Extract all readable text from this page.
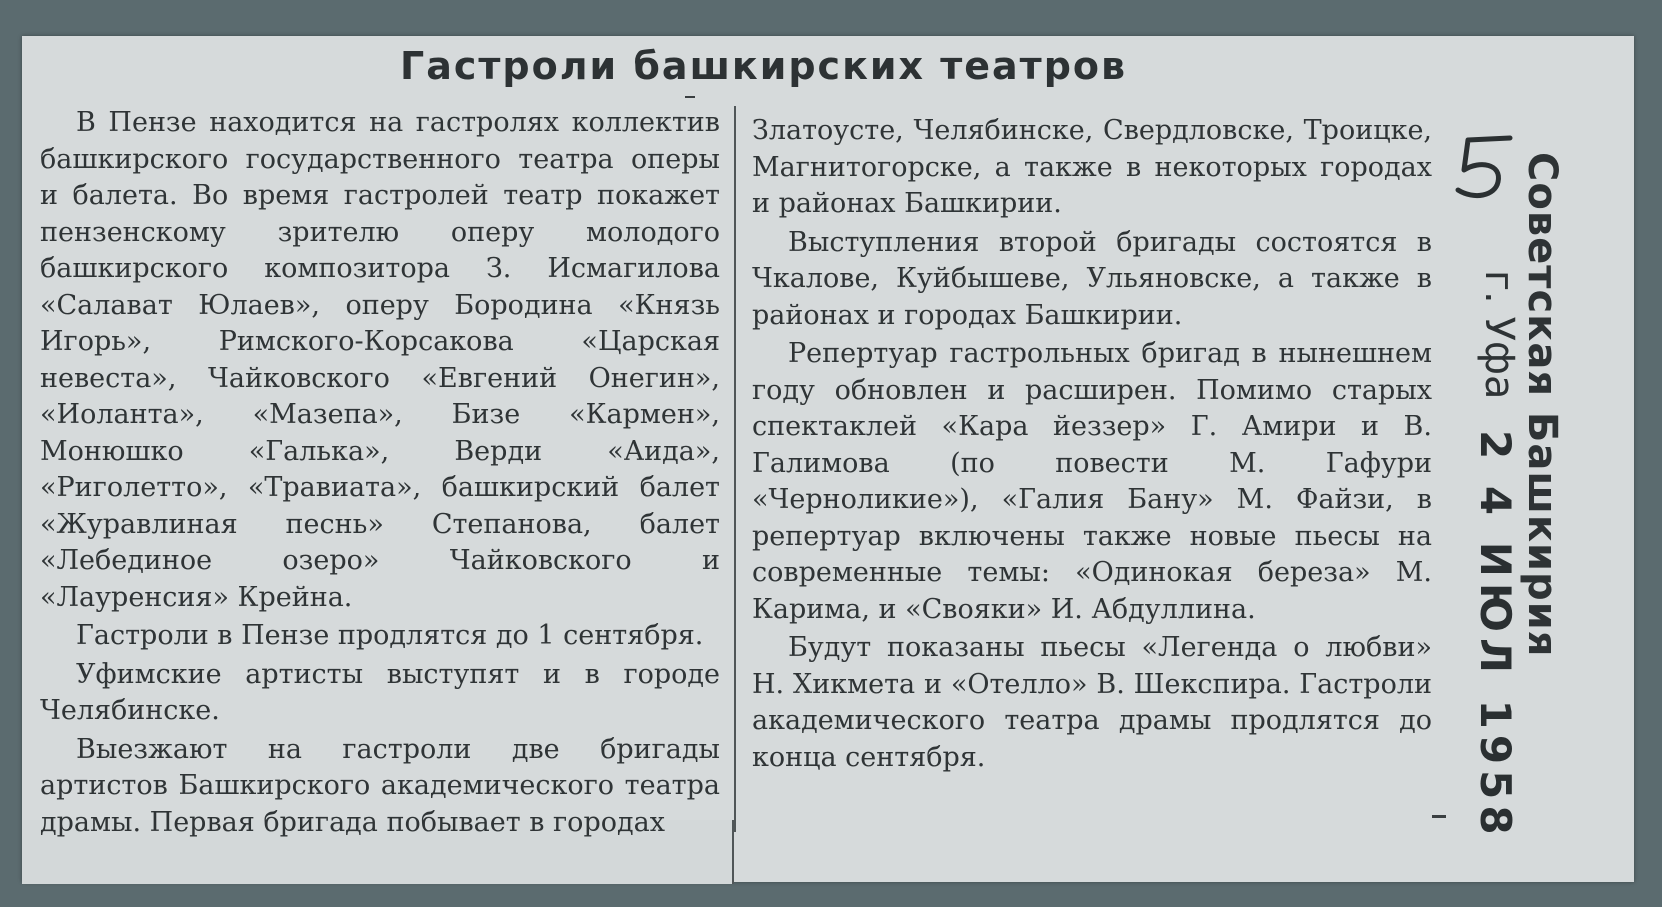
Гастроли башкирских театров

В Пензе находится на гастролях коллектив башкирского государственного театра оперы и балета. Во время гастролей театр покажет пензенскому зрителю оперу молодого башкирского композитора З. Исмагилова «Салават Юлаев», оперу Бородина «Князь Игорь», Римского-Корсакова «Царская невеста», Чайковского «Евгений Онегин», «Иоланта», «Мазепа», Бизе «Кармен», Монюшко «Галька», Верди «Аида», «Риголетто», «Травиата», башкирский балет «Журавлиная песнь» Степанова, балет «Лебединое озеро» Чайковского и «Лауренсия» Крейна.

Гастроли в Пензе продлятся до 1 сентября.

Уфимские артисты выступят и в городе Челябинске.

Выезжают на гастроли две бригады артистов Башкирского академического театра драмы. Первая бригада побывает в городах

Златоусте, Челябинске, Свердловске, Троицке, Магнитогорске, а также в некоторых городах и районах Башкирии.

Выступления второй бригады состоятся в Чкалове, Куйбышеве, Ульяновске, а также в районах и городах Башкирии.

Репертуар гастрольных бригад в нынешнем году обновлен и расширен. Помимо старых спектаклей «Кара йеззер» Г. Амири и В. Галимова (по повести М. Гафури «Черноликие»), «Галия Бану» М. Файзи, в репертуар включены также новые пьесы на современные темы: «Одинокая береза» М. Карима, и «Свояки» И. Абдуллина.

Будут показаны пьесы «Легенда о любви» Н. Хикмета и «Отелло» В. Шекспира. Гастроли академического театра драмы продлятся до конца сентября.

Советская Башкирия
г. Уфа
2 4 ИЮЛ 1958
